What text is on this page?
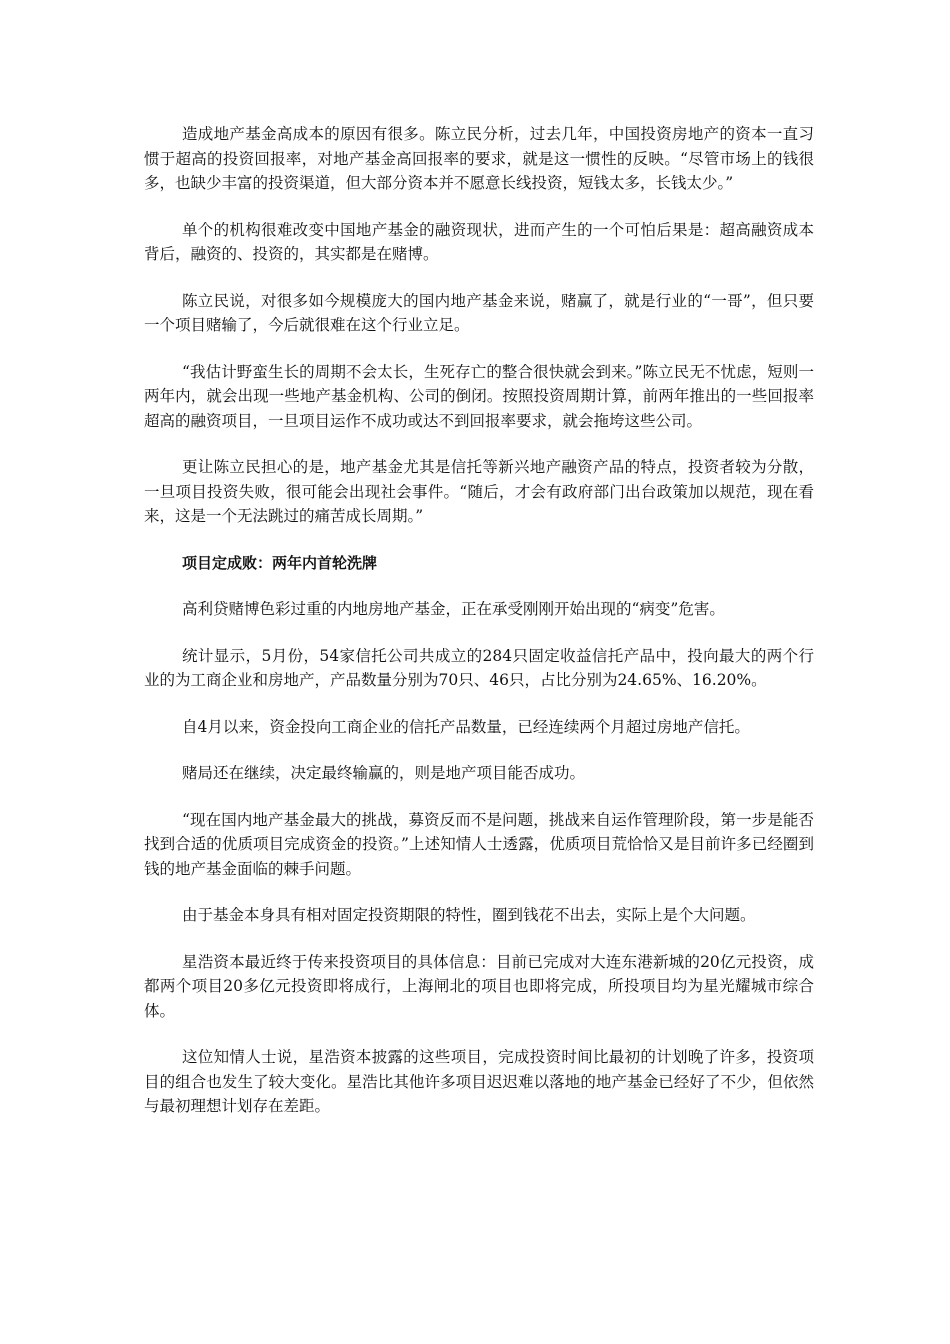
造成地产基金高成本的原因有很多。陈立民分析，过去几年，中国投资房地产的资本一直习惯于超高的投资回报率，对地产基金高回报率的要求，就是这一惯性的反映。“尽管市场上的钱很多，也缺少丰富的投资渠道，但大部分资本并不愿意长线投资，短钱太多，长钱太少。”

单个的机构很难改变中国地产基金的融资现状，进而产生的一个可怕后果是：超高融资成本背后，融资的、投资的，其实都是在赌博。

陈立民说，对很多如今规模庞大的国内地产基金来说，赌赢了，就是行业的“一哥”，但只要一个项目赌输了，今后就很难在这个行业立足。

“我估计野蛮生长的周期不会太长，生死存亡的整合很快就会到来。”陈立民无不忧虑，短则一两年内，就会出现一些地产基金机构、公司的倒闭。按照投资周期计算，前两年推出的一些回报率超高的融资项目，一旦项目运作不成功或达不到回报率要求，就会拖垮这些公司。

更让陈立民担心的是，地产基金尤其是信托等新兴地产融资产品的特点，投资者较为分散，一旦项目投资失败，很可能会出现社会事件。“随后，才会有政府部门出台政策加以规范，现在看来，这是一个无法跳过的痛苦成长周期。”

项目定成败：两年内首轮洗牌

高利贷赌博色彩过重的内地房地产基金，正在承受刚刚开始出现的“病变”危害。

统计显示，5月份，54家信托公司共成立的284只固定收益信托产品中，投向最大的两个行业的为工商企业和房地产，产品数量分别为70只、46只，占比分别为24.65%、16.20%。

自4月以来，资金投向工商企业的信托产品数量，已经连续两个月超过房地产信托。

赌局还在继续，决定最终输赢的，则是地产项目能否成功。

“现在国内地产基金最大的挑战，募资反而不是问题，挑战来自运作管理阶段，第一步是能否找到合适的优质项目完成资金的投资。”上述知情人士透露，优质项目荒恰恰又是目前许多已经圈到钱的地产基金面临的棘手问题。

由于基金本身具有相对固定投资期限的特性，圈到钱花不出去，实际上是个大问题。

星浩资本最近终于传来投资项目的具体信息：目前已完成对大连东港新城的20亿元投资，成都两个项目20多亿元投资即将成行，上海闸北的项目也即将完成，所投项目均为星光耀城市综合体。

这位知情人士说，星浩资本披露的这些项目，完成投资时间比最初的计划晚了许多，投资项目的组合也发生了较大变化。星浩比其他许多项目迟迟难以落地的地产基金已经好了不少，但依然与最初理想计划存在差距。
